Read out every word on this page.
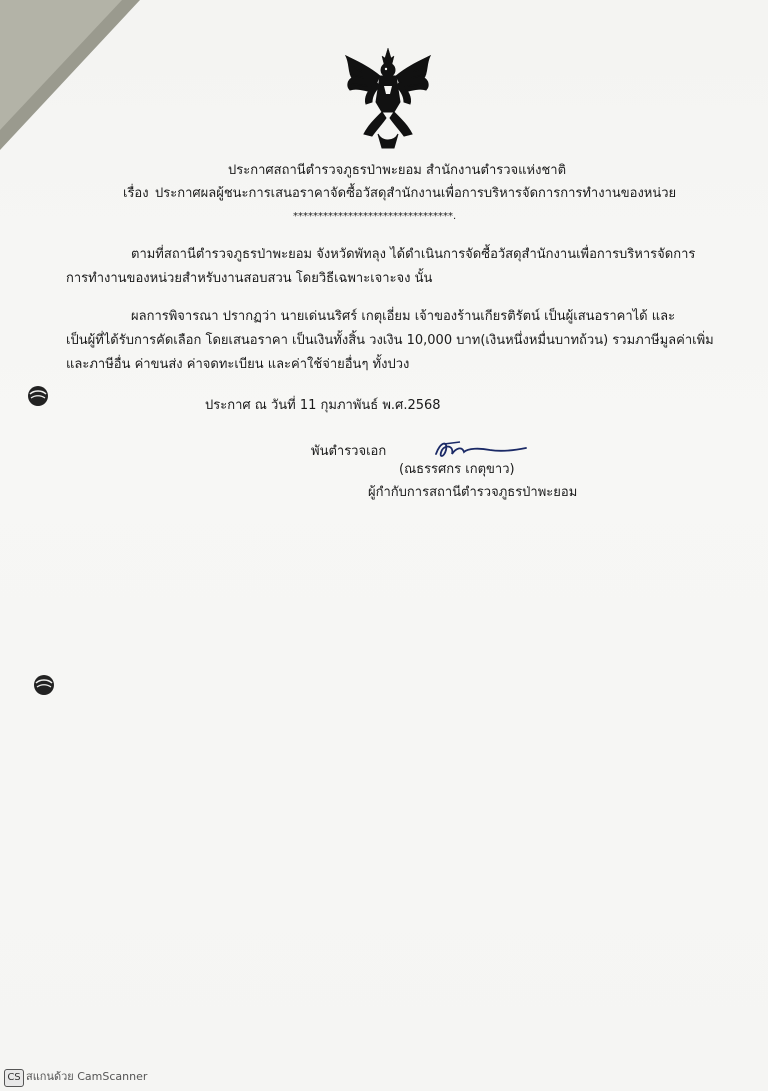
ประกาศสถานีตำรวจภูธรป่าพะยอม สำนักงานตำรวจแห่งชาติ
เรื่อง ประกาศผลผู้ชนะการเสนอราคาจัดซื้อวัสดุสำนักงานเพื่อการบริหารจัดการการทำงานของหน่วย
********************************.
ตามที่สถานีตำรวจภูธรป่าพะยอม จังหวัดพัทลุง ได้ดำเนินการจัดซื้อวัสดุสำนักงานเพื่อการบริหารจัดการ
การทำงานของหน่วยสำหรับงานสอบสวน โดยวิธีเฉพาะเจาะจง นั้น
ผลการพิจารณา ปรากฏว่า นายเด่นนริศร์ เกตุเอี่ยม เจ้าของร้านเกียรติรัตน์ เป็นผู้เสนอราคาได้ และ
เป็นผู้ที่ได้รับการคัดเลือก โดยเสนอราคา เป็นเงินทั้งสิ้น วงเงิน 10,000 บาท(เงินหนึ่งหมื่นบาทถ้วน) รวมภาษีมูลค่าเพิ่ม
และภาษีอื่น ค่าขนส่ง ค่าจดทะเบียน และค่าใช้จ่ายอื่นๆ ทั้งปวง
ประกาศ ณ วันที่ 11 กุมภาพันธ์ พ.ศ.2568
พันตำรวจเอก
(ณธรรศกร เกตุขาว)
ผู้กำกับการสถานีตำรวจภูธรป่าพะยอม
CS สแกนด้วย CamScanner
